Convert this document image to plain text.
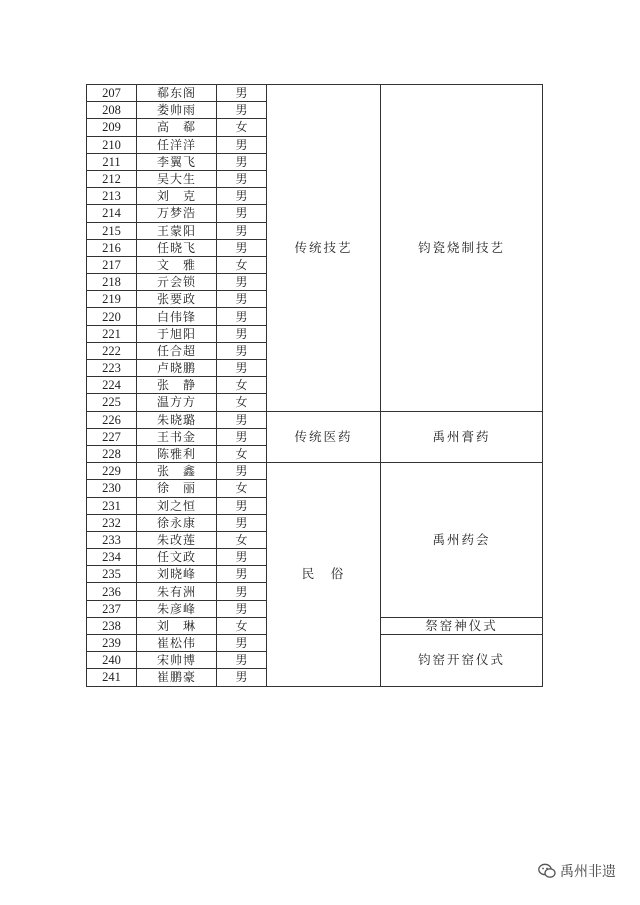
207	郗东阁	男	传统技艺	钧瓷烧制技艺
208	娄帅雨	男		
209	高　郗	女		
210	任洋洋	男		
211	李翼飞	男		
212	吴大生	男		
213	刘　克	男		
214	万梦浩	男		
215	王蒙阳	男		
216	任晓飞	男		
217	文　雅	女		
218	亓会锁	男		
219	张要政	男		
220	白伟锋	男		
221	于旭阳	男		
222	任合超	男		
223	卢晓鹏	男		
224	张　静	女		
225	温方方	女		
226	朱晓璐	男	传统医药	禹州膏药
227	王书金	男		
228	陈雅利	女		
229	张　鑫	男	民　俗	禹州药会
230	徐　丽	女		
231	刘之恒	男		
232	徐永康	男		
233	朱改莲	女		
234	任文政	男		
235	刘晓峰	男		
236	朱有洲	男		
237	朱彦峰	男		
238	刘　琳	女		祭窑神仪式
239	崔松伟	男		钧窑开窑仪式
240	宋帅博	男		
241	崔鹏豪	男		
禹州非遗
